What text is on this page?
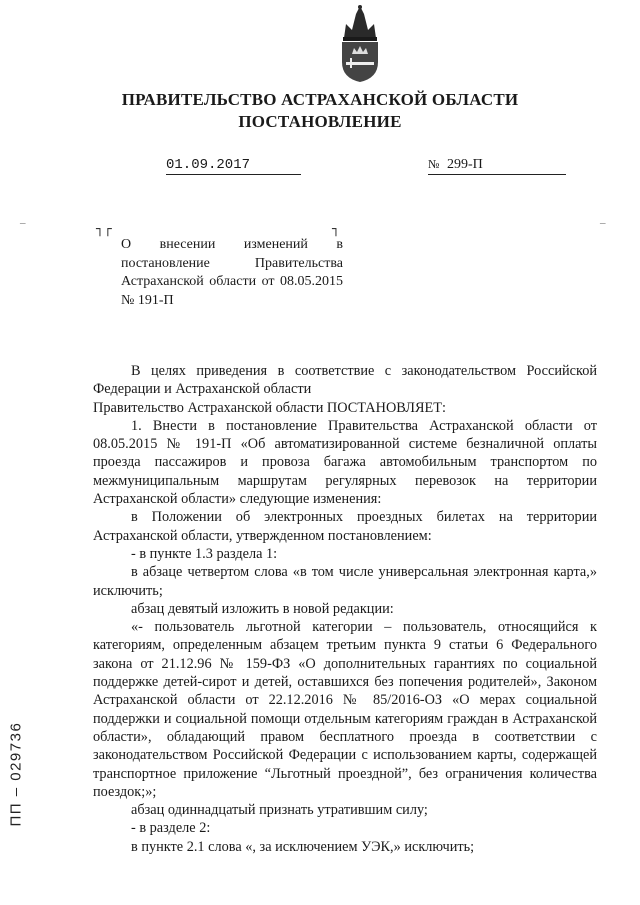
ПРАВИТЕЛЬСТВО АСТРАХАНСКОЙ ОБЛАСТИ
ПОСТАНОВЛЕНИЕ
01.09.2017	№ 299-П
┐┌	┐
¯	¯
О внесении изменений в постановление Правительства Астраханской области от 08.05.2015 № 191-П

В целях приведения в соответствие с законодательством Российской Федерации и Астраханской области

Правительство Астраханской области ПОСТАНОВЛЯЕТ:

1. Внести в постановление Правительства Астраханской области от 08.05.2015 № 191-П «Об автоматизированной системе безналичной оплаты проезда пассажиров и провоза багажа автомобильным транспортом по межмуниципальным маршрутам регулярных перевозок на территории Астраханской области» следующие изменения:

в Положении об электронных проездных билетах на территории Астраханской области, утвержденном постановлением:

- в пункте 1.3 раздела 1:

в абзаце четвертом слова «в том числе универсальная электронная карта,» исключить;

абзац девятый изложить в новой редакции:

«- пользователь льготной категории – пользователь, относящийся к категориям, определенным абзацем третьим пункта 9 статьи 6 Федерального закона от 21.12.96 № 159-ФЗ «О дополнительных гарантиях по социальной поддержке детей-сирот и детей, оставшихся без попечения родителей», Законом Астраханской области от 22.12.2016 № 85/2016-ОЗ «О мерах социальной поддержки и социальной помощи отдельным категориям граждан в Астраханской области», обладающий правом бесплатного проезда в соответствии с законодательством Российской Федерации с использованием карты, содержащей транспортное приложение “Льготный проездной”, без ограничения количества поездок;»;

абзац одиннадцатый признать утратившим силу;

- в разделе 2:

в пункте 2.1 слова «, за исключением УЭК,» исключить;

ПП – 029736
